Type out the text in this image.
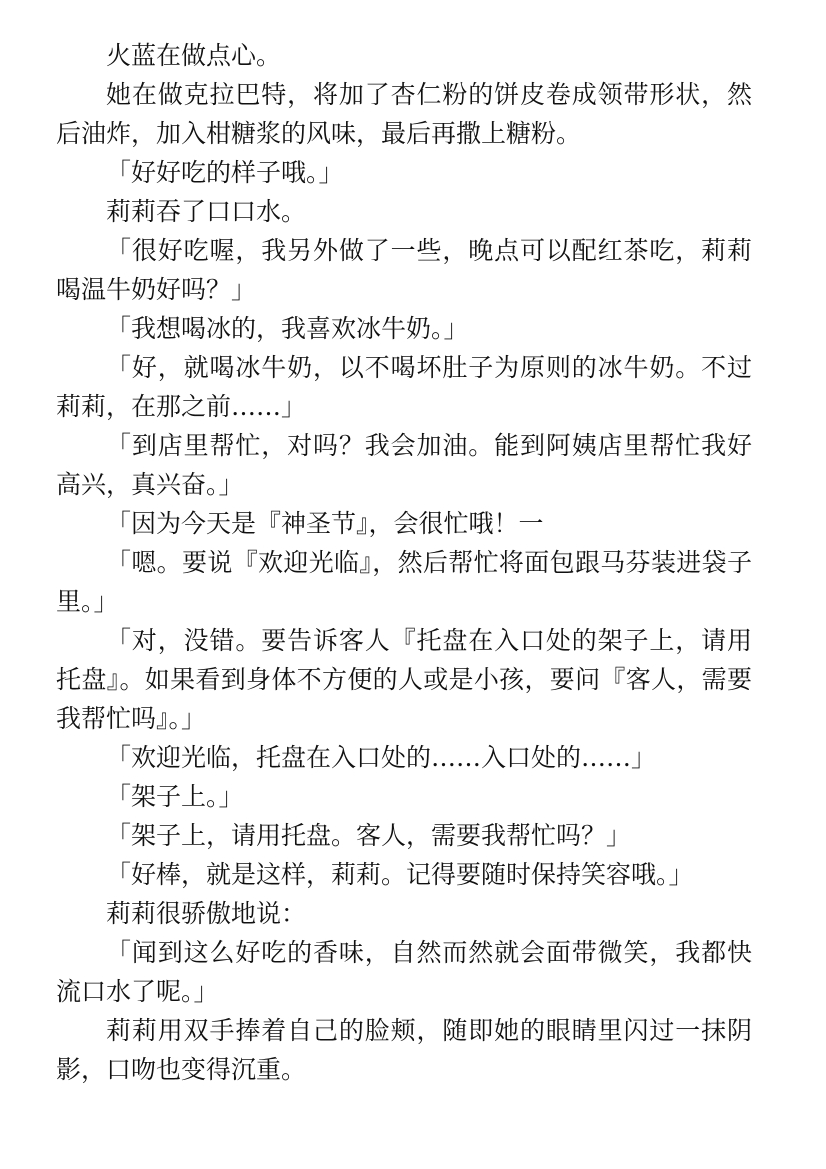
火蓝在做点心。

她在做克拉巴特，将加了杏仁粉的饼皮卷成领带形状，然后油炸，加入柑糖浆的风味，最后再撒上糖粉。

「好好吃的样子哦。」

莉莉吞了口口水。

「很好吃喔，我另外做了一些，晚点可以配红茶吃，莉莉喝温牛奶好吗？」

「我想喝冰的，我喜欢冰牛奶。」

「好，就喝冰牛奶，以不喝坏肚子为原则的冰牛奶。不过莉莉，在那之前……」

「到店里帮忙，对吗？我会加油。能到阿姨店里帮忙我好高兴，真兴奋。」

「因为今天是『神圣节』，会很忙哦！一

「嗯。要说『欢迎光临』，然后帮忙将面包跟马芬装进袋子里。」

「对，没错。要告诉客人『托盘在入口处的架子上，请用托盘』。如果看到身体不方便的人或是小孩，要问『客人，需要我帮忙吗』。」

「欢迎光临，托盘在入口处的……入口处的……」

「架子上。」

「架子上，请用托盘。客人，需要我帮忙吗？」

「好棒，就是这样，莉莉。记得要随时保持笑容哦。」

莉莉很骄傲地说：

「闻到这么好吃的香味，自然而然就会面带微笑，我都快流口水了呢。」

莉莉用双手捧着自己的脸颊，随即她的眼睛里闪过一抹阴影，口吻也变得沉重。
